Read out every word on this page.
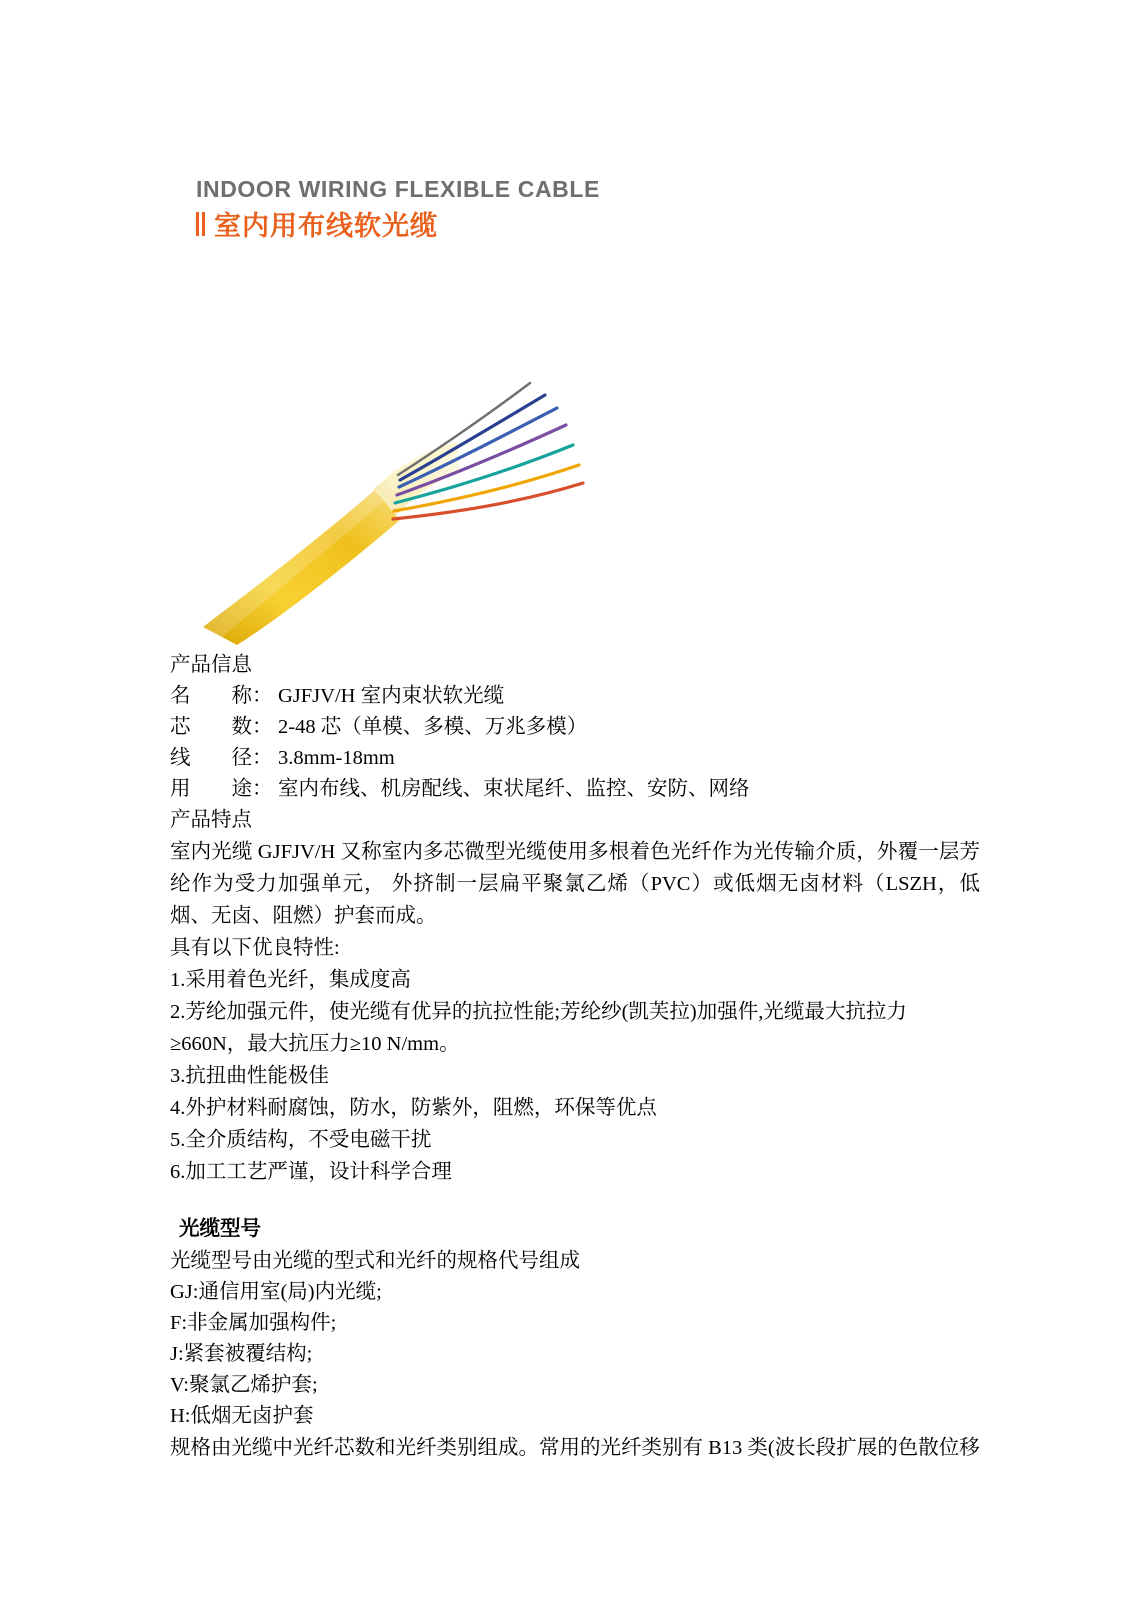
INDOOR WIRING FLEXIBLE CABLE
室内用布线软光缆
产品信息
名　　称： GJFJV/H 室内束状软光缆
芯　　数： 2-48 芯（单模、多模、万兆多模）
线　　径： 3.8mm-18mm
用　　途： 室内布线、机房配线、束状尾纤、监控、安防、网络
产品特点
室内光缆 GJFJV/H 又称室内多芯微型光缆使用多根着色光纤作为光传输介质，外覆一层芳纶作为受力加强单元， 外挤制一层扁平聚氯乙烯（PVC）或低烟无卤材料（LSZH，低烟、无卤、阻燃）护套而成。
具有以下优良特性:
1.采用着色光纤，集成度高
2.芳纶加强元件，使光缆有优异的抗拉性能;芳纶纱(凯芙拉)加强件,光缆最大抗拉力≥660N，最大抗压力≥10 N/mm。
3.抗扭曲性能极佳
4.外护材料耐腐蚀，防水，防紫外，阻燃，环保等优点
5.全介质结构，不受电磁干扰
6.加工工艺严谨，设计科学合理
光缆型号
光缆型号由光缆的型式和光纤的规格代号组成
GJ:通信用室(局)内光缆;
F:非金属加强构件;
J:紧套被覆结构;
V:聚氯乙烯护套;
H:低烟无卤护套
规格由光缆中光纤芯数和光纤类别组成。常用的光纤类别有 B13 类(波长段扩展的色散位移
